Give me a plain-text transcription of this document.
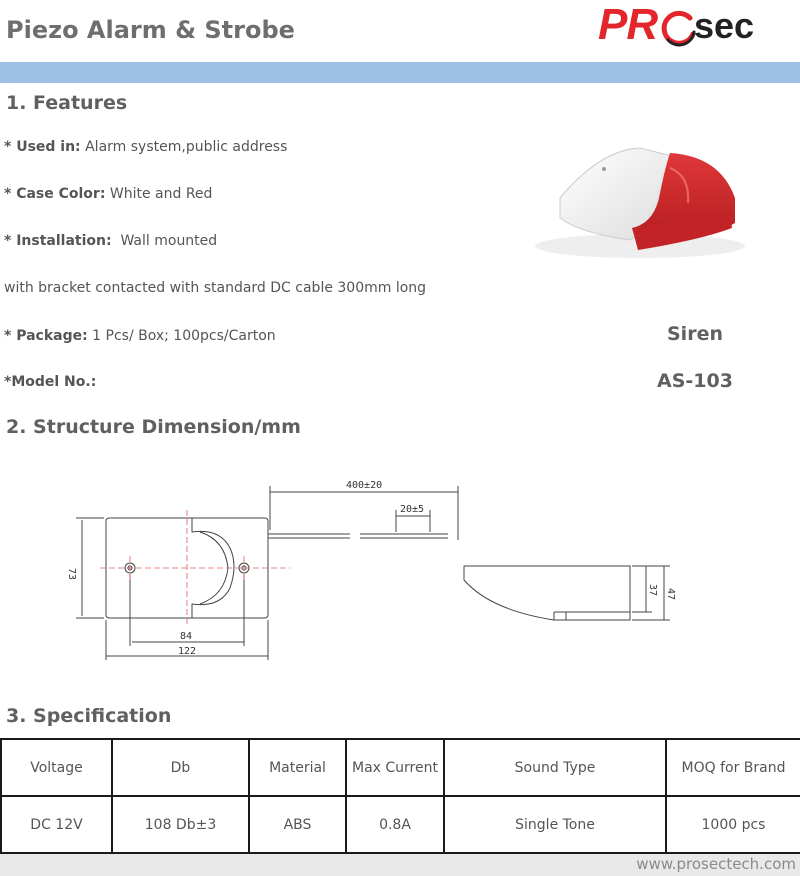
Piezo Alarm & Strobe	PR sec
1. Features
* Used in: Alarm system,public address
* Case Color: White and Red
* Installation:  Wall mounted
with bracket contacted with standard DC cable 300mm long
* Package: 1 Pcs/ Box; 100pcs/Carton
*Model No.:
Siren
AS-103
2. Structure Dimension/mm
400±20
20±5
73
84
122
37 47
3. Specification
Voltage	Db	Material	Max Current	Sound Type	MOQ for Brand
DC 12V	108 Db±3	ABS	0.8A	Single Tone	1000 pcs
www.prosectech.com
